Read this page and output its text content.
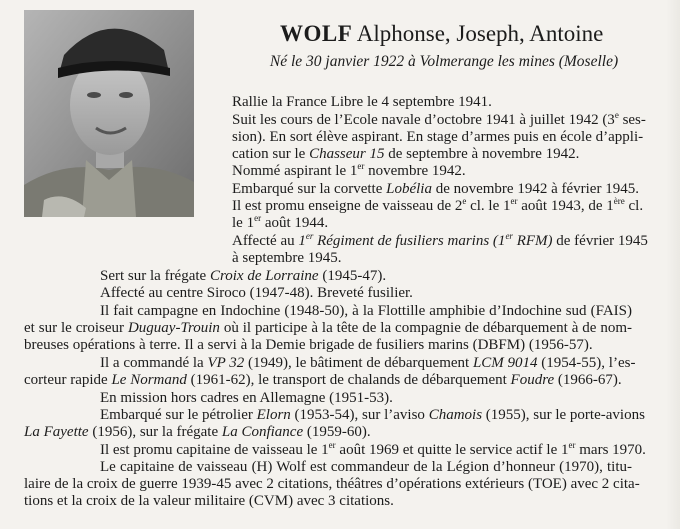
WOLF Alphonse, Joseph, Antoine
Né le 30 janvier 1922 à Volmerange les mines (Moselle)
Rallie la France Libre le 4 septembre 1941.
Suit les cours de l’Ecole navale d’octobre 1941 à juillet 1942 (3e ses-
sion). En sort élève aspirant. En stage d’armes puis en école d’appli-
cation sur le Chasseur 15 de septembre à novembre 1942.
Nommé aspirant le 1er novembre 1942.
Embarqué sur la corvette Lobélia de novembre 1942 à février 1945.
Il est promu enseigne de vaisseau de 2e cl. le 1er août 1943, de 1ère cl.
le 1er août 1944.
Affecté au 1er Régiment de fusiliers marins (1er RFM) de février 1945
à septembre 1945.
Sert sur la frégate Croix de Lorraine (1945-47).
Affecté au centre Siroco (1947-48). Breveté fusilier.
Il fait campagne en Indochine (1948-50), à la Flottille amphibie d’Indochine sud (FAIS)
et sur le croiseur Duguay-Trouin où il participe à la tête de la compagnie de débarquement à de nom-
breuses opérations à terre. Il a servi à la Demie brigade de fusiliers marins (DBFM) (1956-57).
Il a commandé la VP 32 (1949), le bâtiment de débarquement LCM 9014 (1954-55), l’es-
corteur rapide Le Normand (1961-62), le transport de chalands de débarquement Foudre (1966-67).
En mission hors cadres en Allemagne (1951-53).
Embarqué sur le pétrolier Elorn (1953-54), sur l’aviso Chamois (1955), sur le porte-avions
La Fayette (1956), sur la frégate La Confiance (1959-60).
Il est promu capitaine de vaisseau le 1er août 1969 et quitte le service actif le 1er mars 1970.
Le capitaine de vaisseau (H) Wolf est commandeur de la Légion d’honneur (1970), titu-
laire de la croix de guerre 1939-45 avec 2 citations, théâtres d’opérations extérieurs (TOE) avec 2 cita-
tions et la croix de la valeur militaire (CVM) avec 3 citations.
